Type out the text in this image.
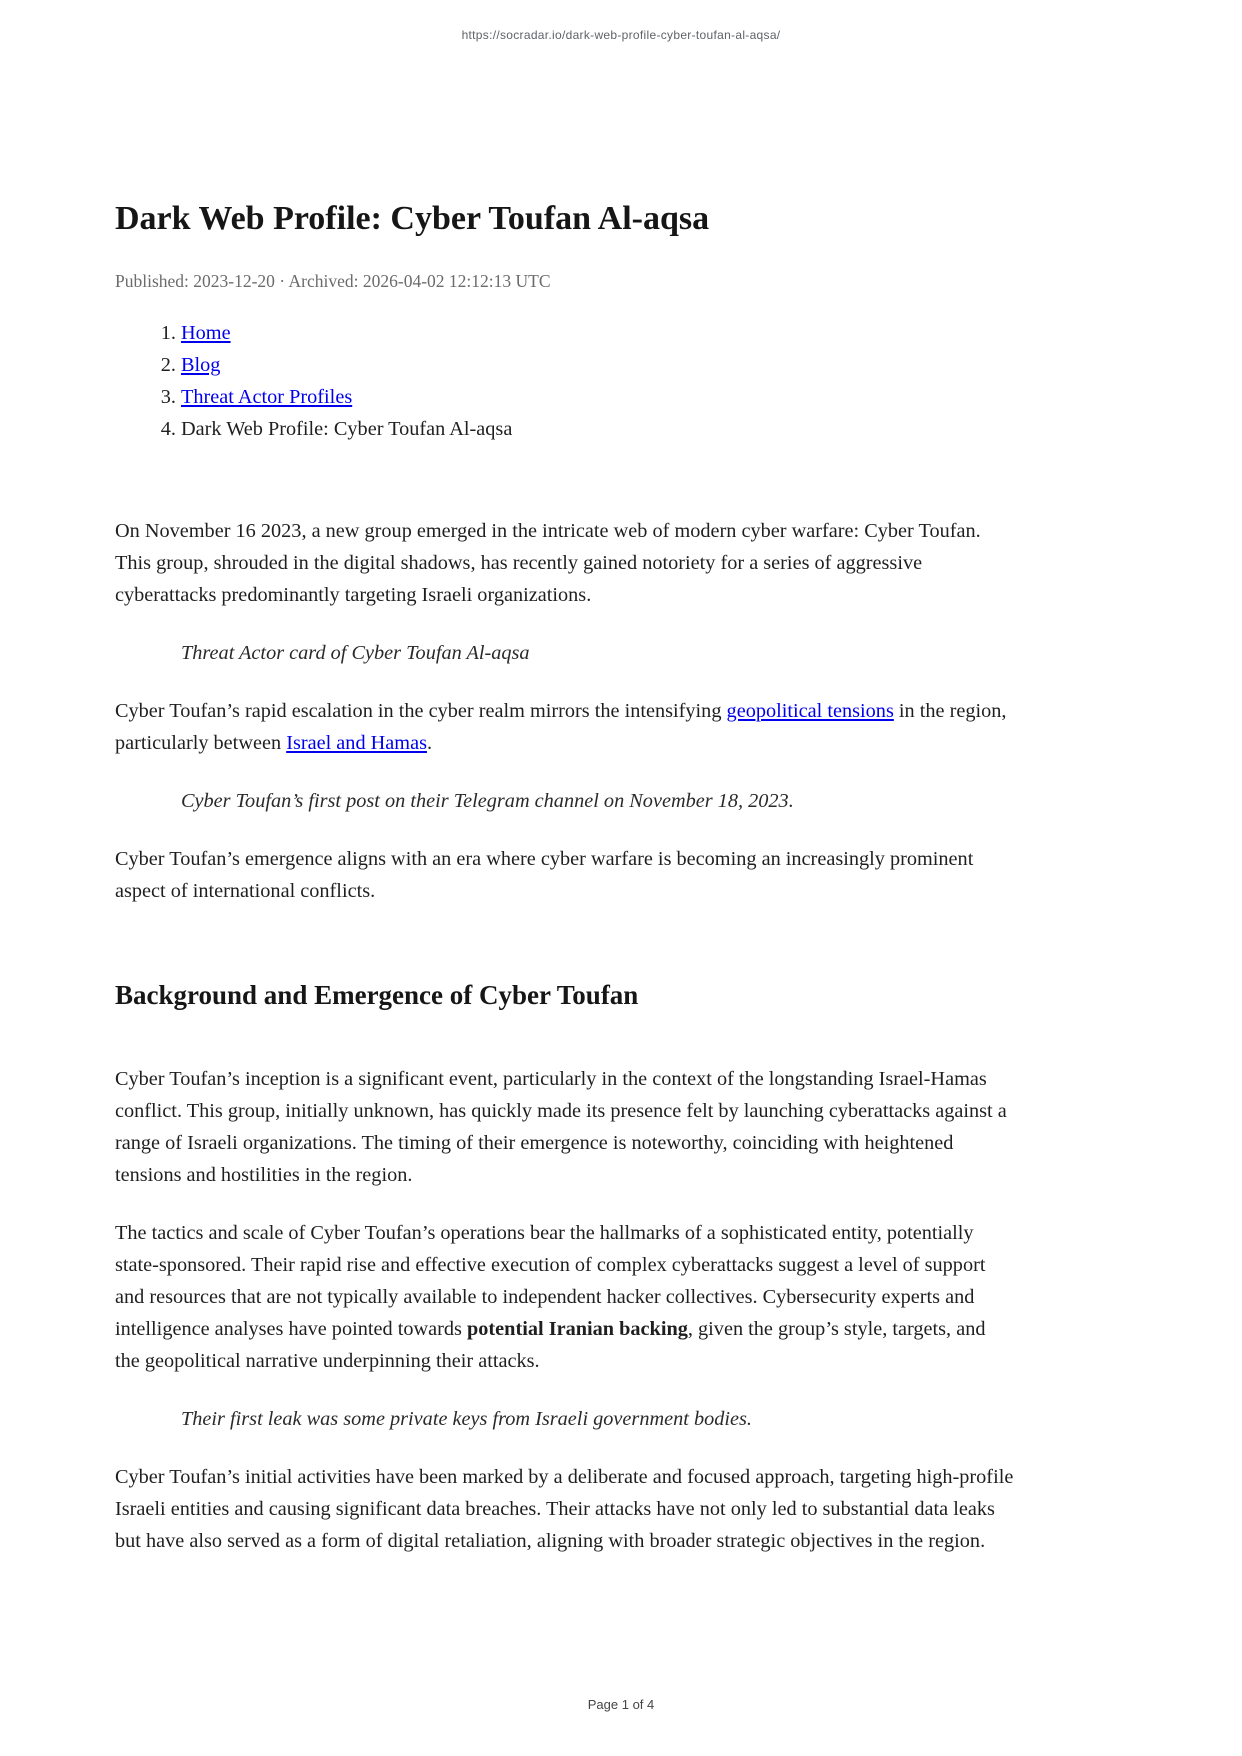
https://socradar.io/dark-web-profile-cyber-toufan-al-aqsa/
Dark Web Profile: Cyber Toufan Al-aqsa

Published: 2023-12-20 · Archived: 2026-04-02 12:12:13 UTC

1. Home
2. Blog
3. Threat Actor Profiles
4. Dark Web Profile: Cyber Toufan Al-aqsa

On November 16 2023, a new group emerged in the intricate web of modern cyber warfare: Cyber Toufan. This group, shrouded in the digital shadows, has recently gained notoriety for a series of aggressive cyberattacks predominantly targeting Israeli organizations.

Threat Actor card of Cyber Toufan Al-aqsa

Cyber Toufan’s rapid escalation in the cyber realm mirrors the intensifying geopolitical tensions in the region, particularly between Israel and Hamas.

Cyber Toufan’s first post on their Telegram channel on November 18, 2023.

Cyber Toufan’s emergence aligns with an era where cyber warfare is becoming an increasingly prominent aspect of international conflicts.

Background and Emergence of Cyber Toufan

Cyber Toufan’s inception is a significant event, particularly in the context of the longstanding Israel-Hamas conflict. This group, initially unknown, has quickly made its presence felt by launching cyberattacks against a range of Israeli organizations. The timing of their emergence is noteworthy, coinciding with heightened tensions and hostilities in the region.

The tactics and scale of Cyber Toufan’s operations bear the hallmarks of a sophisticated entity, potentially state-sponsored. Their rapid rise and effective execution of complex cyberattacks suggest a level of support and resources that are not typically available to independent hacker collectives. Cybersecurity experts and intelligence analyses have pointed towards potential Iranian backing, given the group’s style, targets, and the geopolitical narrative underpinning their attacks.

Their first leak was some private keys from Israeli government bodies.

Cyber Toufan’s initial activities have been marked by a deliberate and focused approach, targeting high-profile Israeli entities and causing significant data breaches. Their attacks have not only led to substantial data leaks but have also served as a form of digital retaliation, aligning with broader strategic objectives in the region.

Page 1 of 4
